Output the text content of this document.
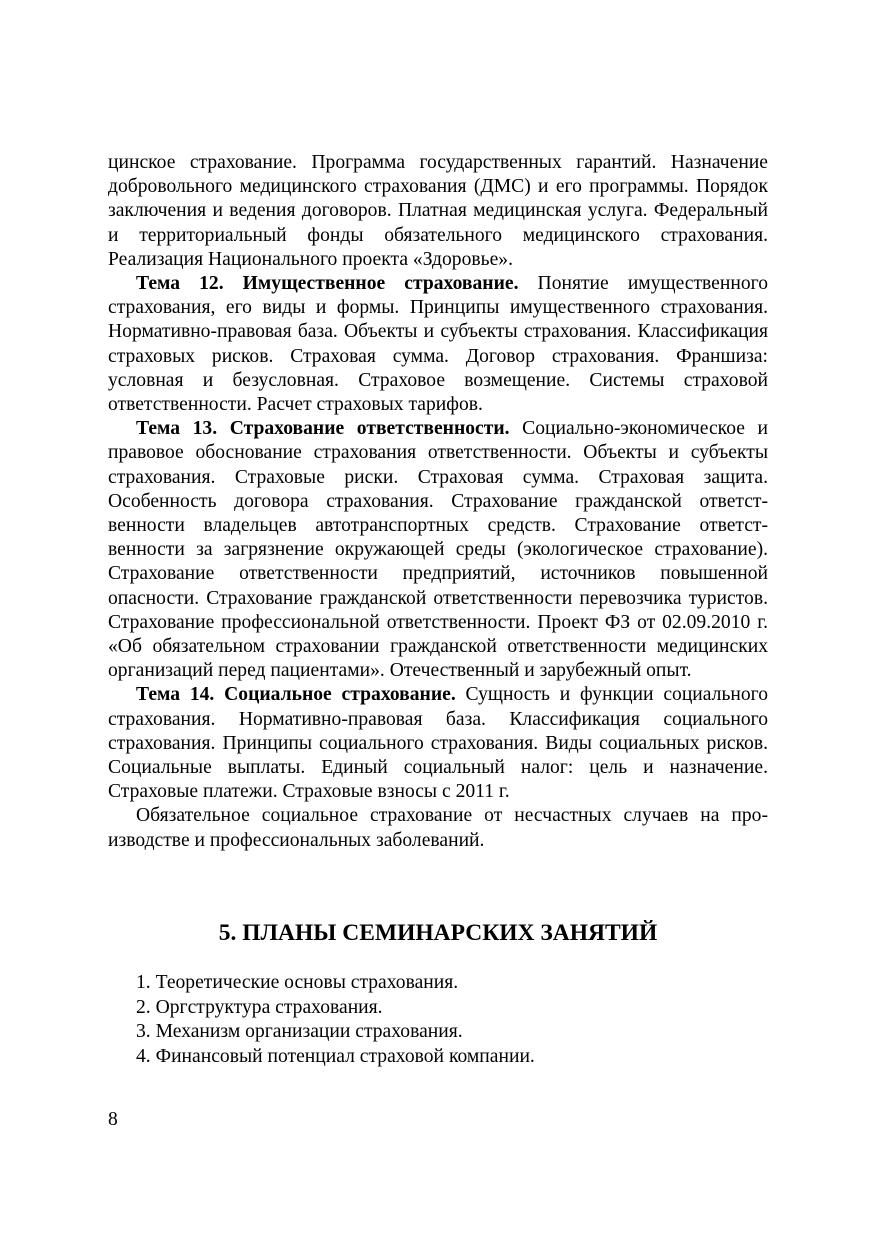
цинское страхование. Программа государственных гарантий. Назначение добровольного медицинского страхования (ДМС) и его программы. Порядок заключения и ведения договоров. Платная медицинская услуга. Федеральный и территориальный фонды обязательного медицинского страхования. Реализация Национального проекта «Здоровье».

Тема 12. Имущественное страхование. Понятие имущественного страхования, его виды и формы. Принципы имущественного страхования. Нормативно-правовая база. Объекты и субъекты страхования. Классификация страховых рисков. Страховая сумма. Договор страхования. Франшиза: условная и безусловная. Страховое возмещение. Системы страховой ответственности. Расчет страховых тарифов.

Тема 13. Страхование ответственности. Социально-экономическое и правовое обоснование страхования ответственности. Объекты и субъекты страхования. Страховые риски. Страховая сумма. Страховая защита. Особенность договора страхования. Страхование гражданской ответственности владельцев автотранспортных средств. Страхование ответственности за загрязнение окружающей среды (экологическое страхование). Страхование ответственности предприятий, источников повышенной опасности. Страхование гражданской ответственности перевозчика туристов. Страхование профессиональной ответственности. Проект ФЗ от 02.09.2010 г. «Об обязательном страховании гражданской ответственности медицинских организаций перед пациентами». Отечественный и зарубежный опыт.

Тема 14. Социальное страхование. Сущность и функции социального страхования. Нормативно-правовая база. Классификация социального страхования. Принципы социального страхования. Виды социальных рисков. Социальные выплаты. Единый социальный налог: цель и назначение. Страховые платежи. Страховые взносы с 2011 г.

Обязательное социальное страхование от несчастных случаев на производстве и профессиональных заболеваний.

5. ПЛАНЫ СЕМИНАРСКИХ ЗАНЯТИЙ
1. Теоретические основы страхования.
2. Оргструктура страхования.
3. Механизм организации страхования.
4. Финансовый потенциал страховой компании.
8
